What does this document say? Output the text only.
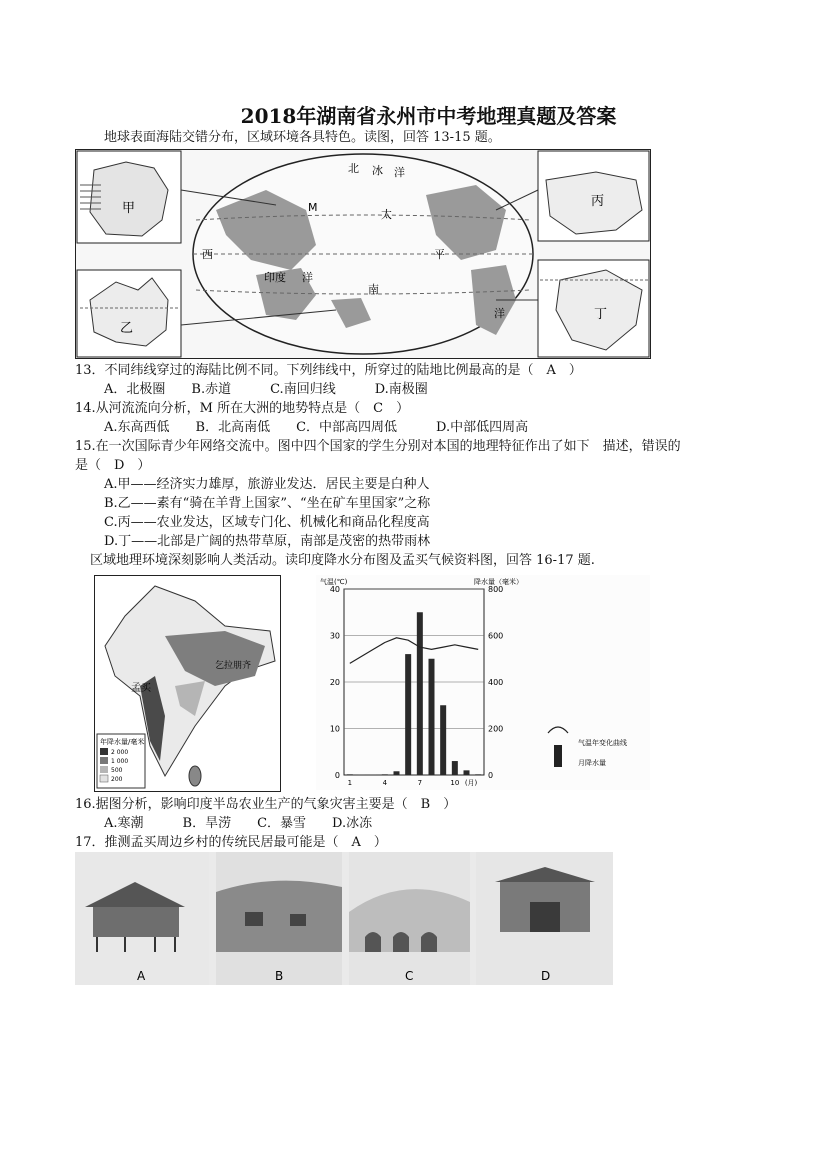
2018年湖南省永州市中考地理真题及答案
地球表面海陆交错分布，区域环境各具特色。读图，回答 13-15 题。
甲
乙
M
北 冰 洋
太
平
西
印度 洋
南
洋
丙
丁
13．不同纬线穿过的海陆比例不同。下列纬线中，所穿过的陆地比例最高的是（　A　）
A．北极圈　　B.赤道　　　C.南回归线　　　D.南极圈
14.从河流流向分析，M 所在大洲的地势特点是（　C　）
A.东高西低　　B．北高南低　　C．中部高四周低　　　D.中部低四周高
15.在一次国际青少年网络交流中。图中四个国家的学生分别对本国的地理特征作出了如下　描述，错误的
是（　D　）
A.甲——经济实力雄厚，旅游业发达．居民主要是白种人
B.乙——素有“骑在羊背上国家”、“坐在矿车里国家”之称
C.丙——农业发达，区域专门化、机械化和商品化程度高
D.丁——北部是广阔的热带草原，南部是茂密的热带雨林
区域地理环境深刻影响人类活动。读印度降水分布图及孟买气候资料图，回答 16-17 题.
孟买
乞拉朋齐
年降水量/毫米
2 000
1 000
500
200	0
10
20
30
40
0
200
400
600
800
气温(℃)	降水量（毫米）
1	4	7	10 (月)
气温年变化曲线
月降水量
16.据图分析，影响印度半岛农业生产的气象灾害主要是（　B　）
A.寒潮　　　B．旱涝　　C．暴雪　　D.冰冻
17．推测孟买周边乡村的传统民居最可能是（　A　）
A	B	C	D
